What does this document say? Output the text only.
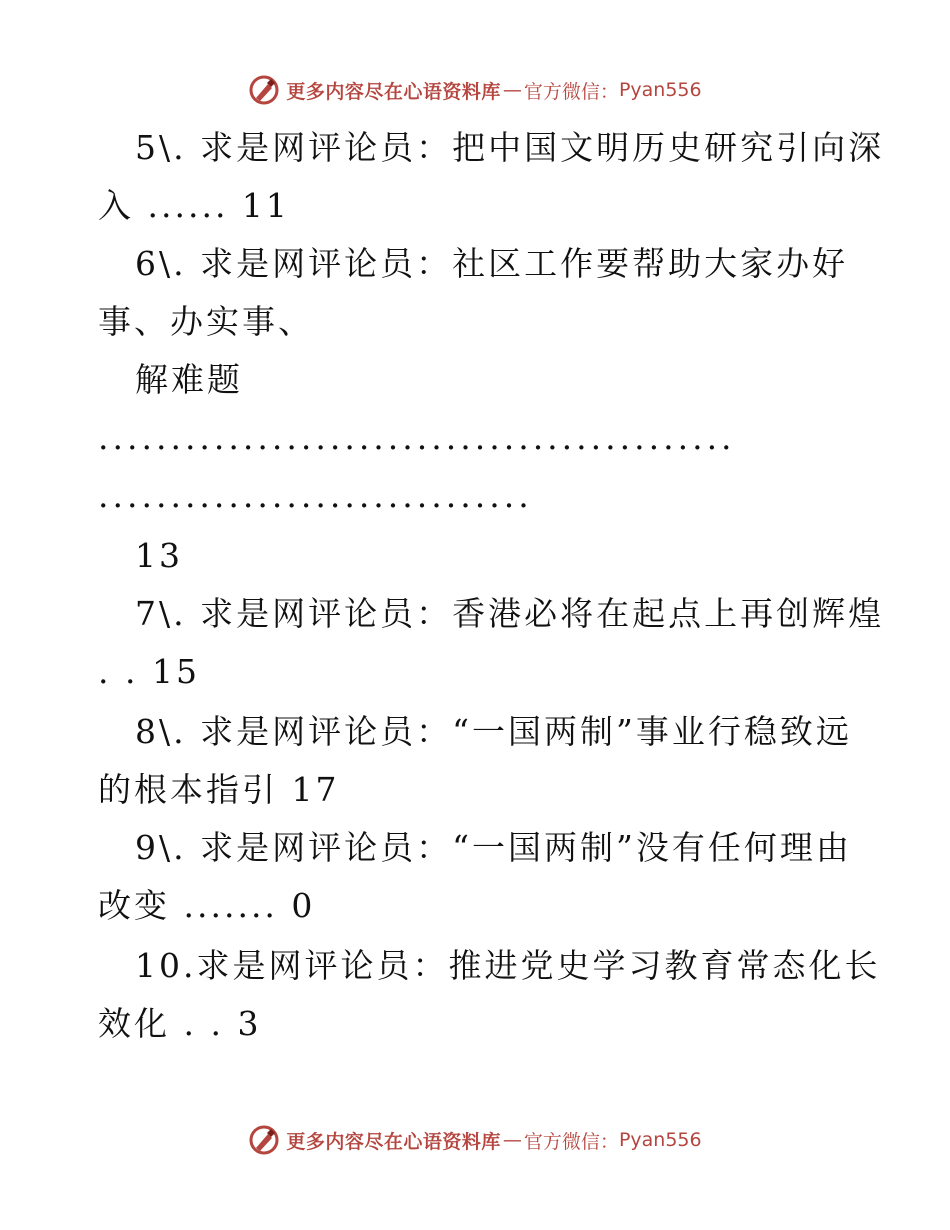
更多内容尽在心语资料库 — 官方微信： Pyan556
5\. 求是网评论员：把中国文明历史研究引向深
入 ...... 11
6\. 求是网评论员：社区工作要帮助大家办好
事、办实事、
解难题
............................................
..............................
13
7\. 求是网评论员：香港必将在起点上再创辉煌
. . 15
8\. 求是网评论员：“一国两制”事业行稳致远
的根本指引 17
9\. 求是网评论员：“一国两制”没有任何理由
改变 ....... 0
10.求是网评论员：推进党史学习教育常态化长
效化 . . 3
更多内容尽在心语资料库 — 官方微信： Pyan556
